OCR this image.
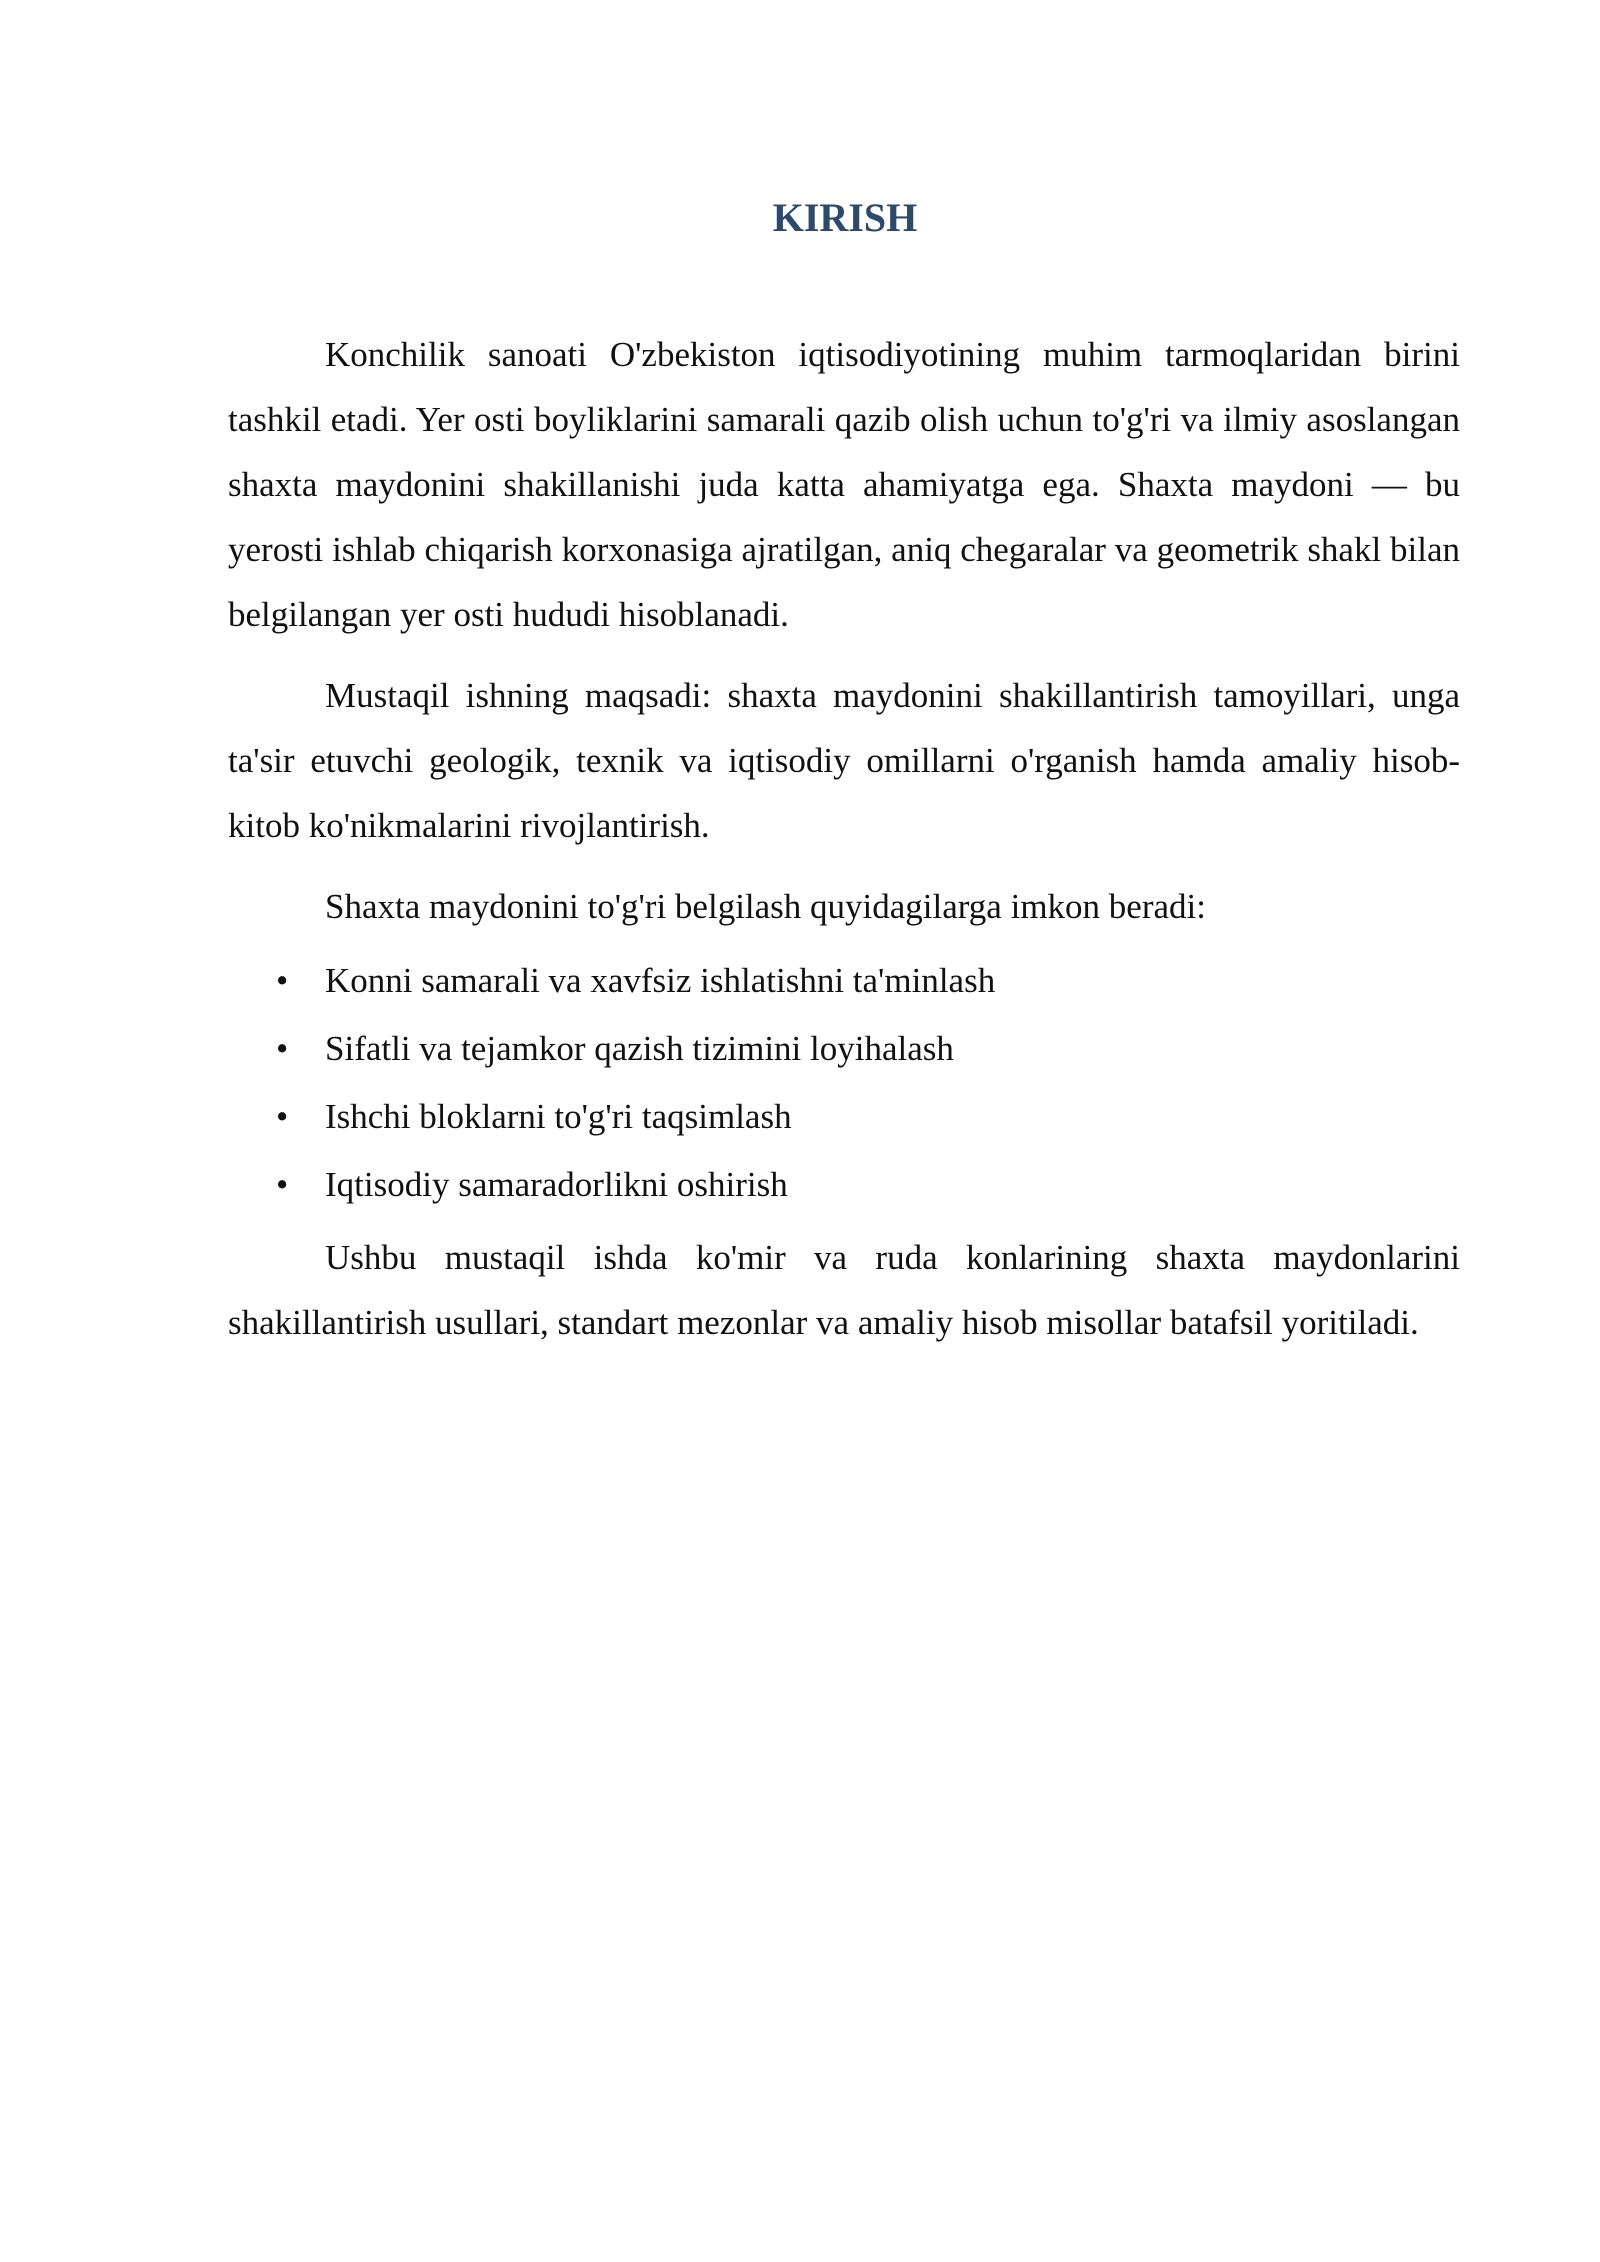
KIRISH

Konchilik sanoati O'zbekiston iqtisodiyotining muhim tarmoqlaridan birini tashkil etadi. Yer osti boyliklarini samarali qazib olish uchun to'g'ri va ilmiy asoslangan shaxta maydonini shakillanishi juda katta ahamiyatga ega. Shaxta maydoni — bu yerosti ishlab chiqarish korxonasiga ajratilgan, aniq chegaralar va geometrik shakl bilan belgilangan yer osti hududi hisoblanadi.

Mustaqil ishning maqsadi: shaxta maydonini shakillantirish tamoyillari, unga ta'sir etuvchi geologik, texnik va iqtisodiy omillarni o'rganish hamda amaliy hisob-kitob ko'nikmalarini rivojlantirish.

Shaxta maydonini to'g'ri belgilash quyidagilarga imkon beradi:

• Konni samarali va xavfsiz ishlatishni ta'minlash
• Sifatli va tejamkor qazish tizimini loyihalash
• Ishchi bloklarni to'g'ri taqsimlash
• Iqtisodiy samaradorlikni oshirish

Ushbu mustaqil ishda ko'mir va ruda konlarining shaxta maydonlarini shakillantirish usullari, standart mezonlar va amaliy hisob misollar batafsil yoritiladi.
